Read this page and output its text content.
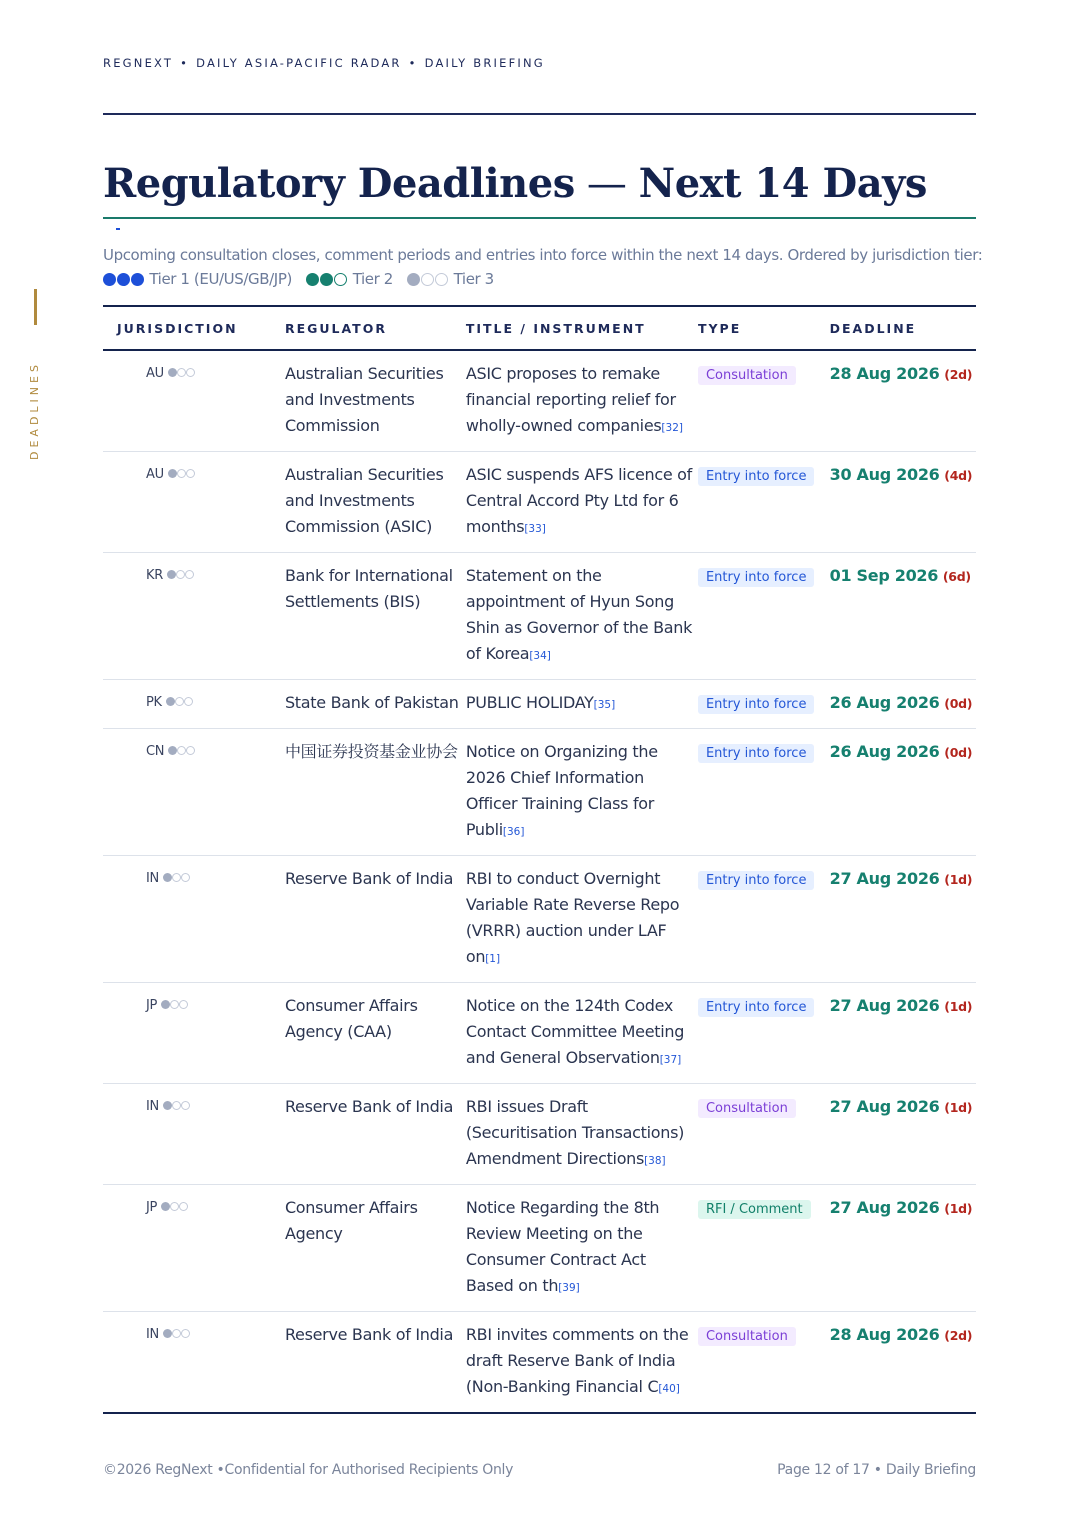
REGNEXT • DAILY ASIA-PACIFIC RADAR • DAILY BRIEFING
DEADLINES
Regulatory Deadlines — Next 14 Days
Upcoming consultation closes, comment periods and entries into force within the next 14 days. Ordered by jurisdiction tier:
Tier 1 (EU/US/GB/JP)	Tier 2	Tier 3
JURISDICTION	REGULATOR	TITLE / INSTRUMENT	TYPE	DEADLINE
AU	Australian Securities and Investments Commission	ASIC proposes to remake financial reporting relief for wholly-owned companies[32]	Consultation	28 Aug 2026 (2d)
AU	Australian Securities and Investments Commission (ASIC)	ASIC suspends AFS licence of Central Accord Pty Ltd for 6 months[33]	Entry into force	30 Aug 2026 (4d)
KR	Bank for International Settlements (BIS)	Statement on the appointment of Hyun Song Shin as Governor of the Bank of Korea[34]	Entry into force	01 Sep 2026 (6d)
PK	State Bank of Pakistan	PUBLIC HOLIDAY[35]	Entry into force	26 Aug 2026 (0d)
CN	中国证券投资基金业协会	Notice on Organizing the 2026 Chief Information Officer Training Class for Publi[36]	Entry into force	26 Aug 2026 (0d)
IN	Reserve Bank of India	RBI to conduct Overnight Variable Rate Reverse Repo (VRRR) auction under LAF on[1]	Entry into force	27 Aug 2026 (1d)
JP	Consumer Affairs Agency (CAA)	Notice on the 124th Codex Contact Committee Meeting and General Observation[37]	Entry into force	27 Aug 2026 (1d)
IN	Reserve Bank of India	RBI issues Draft (Securitisation Transactions) Amendment Directions[38]	Consultation	27 Aug 2026 (1d)
JP	Consumer Affairs Agency	Notice Regarding the 8th Review Meeting on the Consumer Contract Act Based on th[39]	RFI / Comment	27 Aug 2026 (1d)
IN	Reserve Bank of India	RBI invites comments on the draft Reserve Bank of India (Non-Banking Financial C[40]	Consultation	28 Aug 2026 (2d)
©2026 RegNext •Confidential for Authorised Recipients Only	Page 12 of 17 • Daily Briefing
